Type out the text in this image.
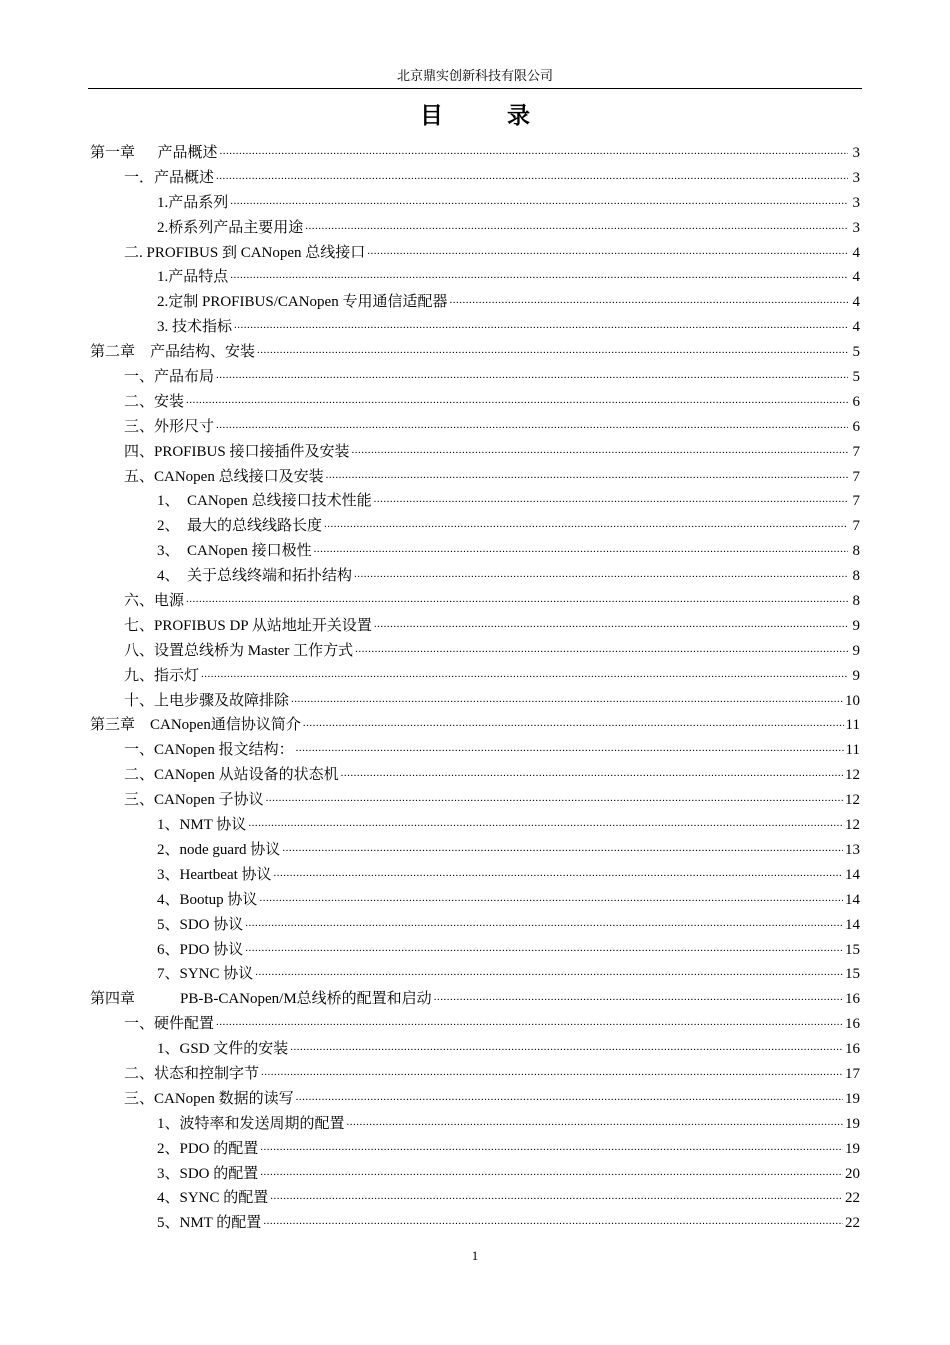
北京鼎实创新科技有限公司
目 录
第一章      产品概述 .....	3
一．产品概述 .....	3
1.产品系列 .....	3
2.桥系列产品主要用途 .....	3
二. PROFIBUS 到 CANopen 总线接口 .....	4
1.产品特点 .....	4
2.定制 PROFIBUS/CANopen 专用通信适配器 .....	4
3. 技术指标 .....	4
第二章    产品结构、安装 .....	5
一、产品布局 .....	5
二、安装 .....	6
三、外形尺寸 .....	6
四、PROFIBUS 接口接插件及安装 .....	7
五、CANopen 总线接口及安装 .....	7
1、  CANopen 总线接口技术性能 .....	7
2、  最大的总线线路长度 .....	7
3、  CANopen 接口极性 .....	8
4、  关于总线终端和拓扑结构 .....	8
六、电源 .....	8
七、PROFIBUS DP 从站地址开关设置 .....	9
八、设置总线桥为 Master 工作方式 .....	9
九、指示灯 .....	9
十、上电步骤及故障排除 .....	10
第三章    CANopen通信协议简介 .....	11
一、CANopen 报文结构： .....	11
二、CANopen 从站设备的状态机 .....	12
三、CANopen 子协议 .....	12
1、NMT 协议 .....	12
2、node guard 协议 .....	13
3、Heartbeat 协议 .....	14
4、Bootup 协议 .....	14
5、SDO 协议 .....	14
6、PDO 协议 .....	15
7、SYNC 协议 .....	15
第四章            PB-B-CANopen/M总线桥的配置和启动 .....	16
一、硬件配置 .....	16
1、GSD 文件的安装 .....	16
二、状态和控制字节 .....	17
三、CANopen 数据的读写 .....	19
1、波特率和发送周期的配置 .....	19
2、PDO 的配置 .....	19
3、SDO 的配置 .....	20
4、SYNC 的配置 .....	22
5、NMT 的配置 .....	22
1
